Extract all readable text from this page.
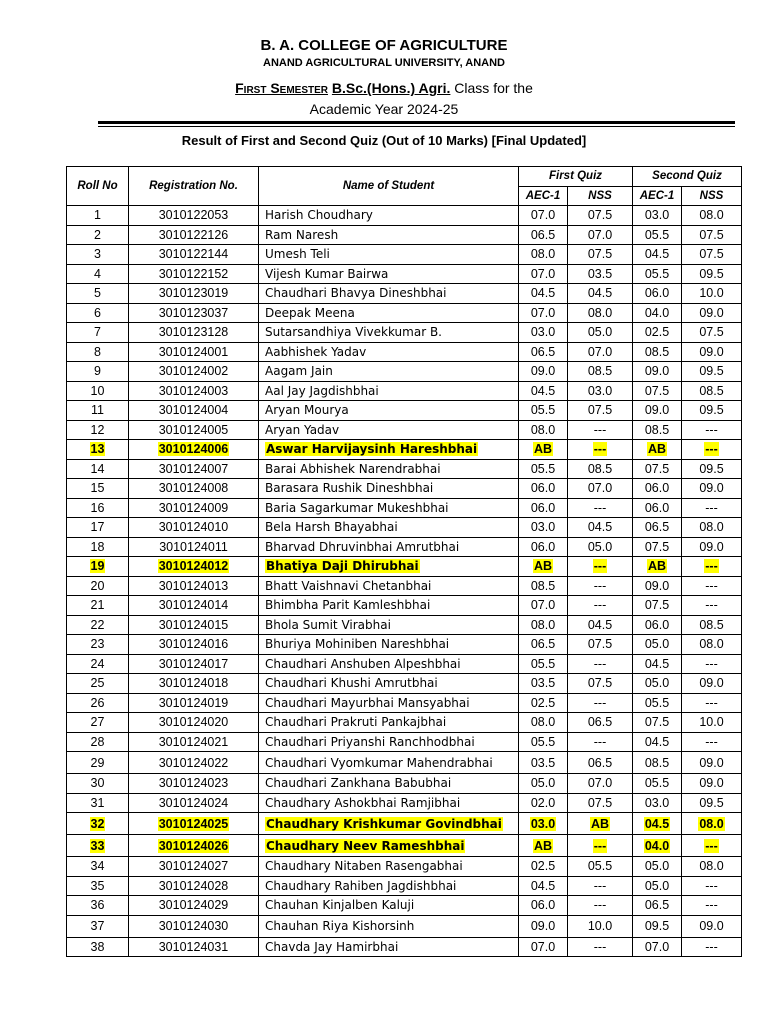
B. A. COLLEGE OF AGRICULTURE
ANAND AGRICULTURAL UNIVERSITY, ANAND
First Semester B.Sc.(Hons.) Agri. Class for the
Academic Year 2024-25
Result of First and Second Quiz (Out of 10 Marks) [Final Updated]
Roll No	Registration No.	Name of Student	First Quiz		Second Quiz	
			AEC-1	NSS	AEC-1	NSS
1	3010122053	Harish Choudhary	07.0	07.5	03.0	08.0
2	3010122126	Ram Naresh	06.5	07.0	05.5	07.5
3	3010122144	Umesh Teli	08.0	07.5	04.5	07.5
4	3010122152	Vijesh Kumar Bairwa	07.0	03.5	05.5	09.5
5	3010123019	Chaudhari Bhavya Dineshbhai	04.5	04.5	06.0	10.0
6	3010123037	Deepak Meena	07.0	08.0	04.0	09.0
7	3010123128	Sutarsandhiya Vivekkumar B.	03.0	05.0	02.5	07.5
8	3010124001	Aabhishek Yadav	06.5	07.0	08.5	09.0
9	3010124002	Aagam Jain	09.0	08.5	09.0	09.5
10	3010124003	Aal Jay Jagdishbhai	04.5	03.0	07.5	08.5
11	3010124004	Aryan Mourya	05.5	07.5	09.0	09.5
12	3010124005	Aryan Yadav	08.0	---	08.5	---
13	3010124006	Aswar Harvijaysinh Hareshbhai	AB	---	AB	---
14	3010124007	Barai Abhishek Narendrabhai	05.5	08.5	07.5	09.5
15	3010124008	Barasara Rushik Dineshbhai	06.0	07.0	06.0	09.0
16	3010124009	Baria Sagarkumar Mukeshbhai	06.0	---	06.0	---
17	3010124010	Bela Harsh Bhayabhai	03.0	04.5	06.5	08.0
18	3010124011	Bharvad Dhruvinbhai Amrutbhai	06.0	05.0	07.5	09.0
19	3010124012	Bhatiya Daji Dhirubhai	AB	---	AB	---
20	3010124013	Bhatt Vaishnavi Chetanbhai	08.5	---	09.0	---
21	3010124014	Bhimbha Parit Kamleshbhai	07.0	---	07.5	---
22	3010124015	Bhola Sumit Virabhai	08.0	04.5	06.0	08.5
23	3010124016	Bhuriya Mohiniben Nareshbhai	06.5	07.5	05.0	08.0
24	3010124017	Chaudhari Anshuben Alpeshbhai	05.5	---	04.5	---
25	3010124018	Chaudhari Khushi Amrutbhai	03.5	07.5	05.0	09.0
26	3010124019	Chaudhari Mayurbhai Mansyabhai	02.5	---	05.5	---
27	3010124020	Chaudhari Prakruti Pankajbhai	08.0	06.5	07.5	10.0
28	3010124021	Chaudhari Priyanshi Ranchhodbhai	05.5	---	04.5	---
29	3010124022	Chaudhari Vyomkumar Mahendrabhai	03.5	06.5	08.5	09.0
30	3010124023	Chaudhari Zankhana Babubhai	05.0	07.0	05.5	09.0
31	3010124024	Chaudhary Ashokbhai Ramjibhai	02.0	07.5	03.0	09.5
32	3010124025	Chaudhary Krishkumar Govindbhai	03.0	AB	04.5	08.0
33	3010124026	Chaudhary Neev Rameshbhai	AB	---	04.0	---
34	3010124027	Chaudhary Nitaben Rasengabhai	02.5	05.5	05.0	08.0
35	3010124028	Chaudhary Rahiben Jagdishbhai	04.5	---	05.0	---
36	3010124029	Chauhan Kinjalben Kaluji	06.0	---	06.5	---
37	3010124030	Chauhan Riya Kishorsinh	09.0	10.0	09.5	09.0
38	3010124031	Chavda Jay Hamirbhai	07.0	---	07.0	---
